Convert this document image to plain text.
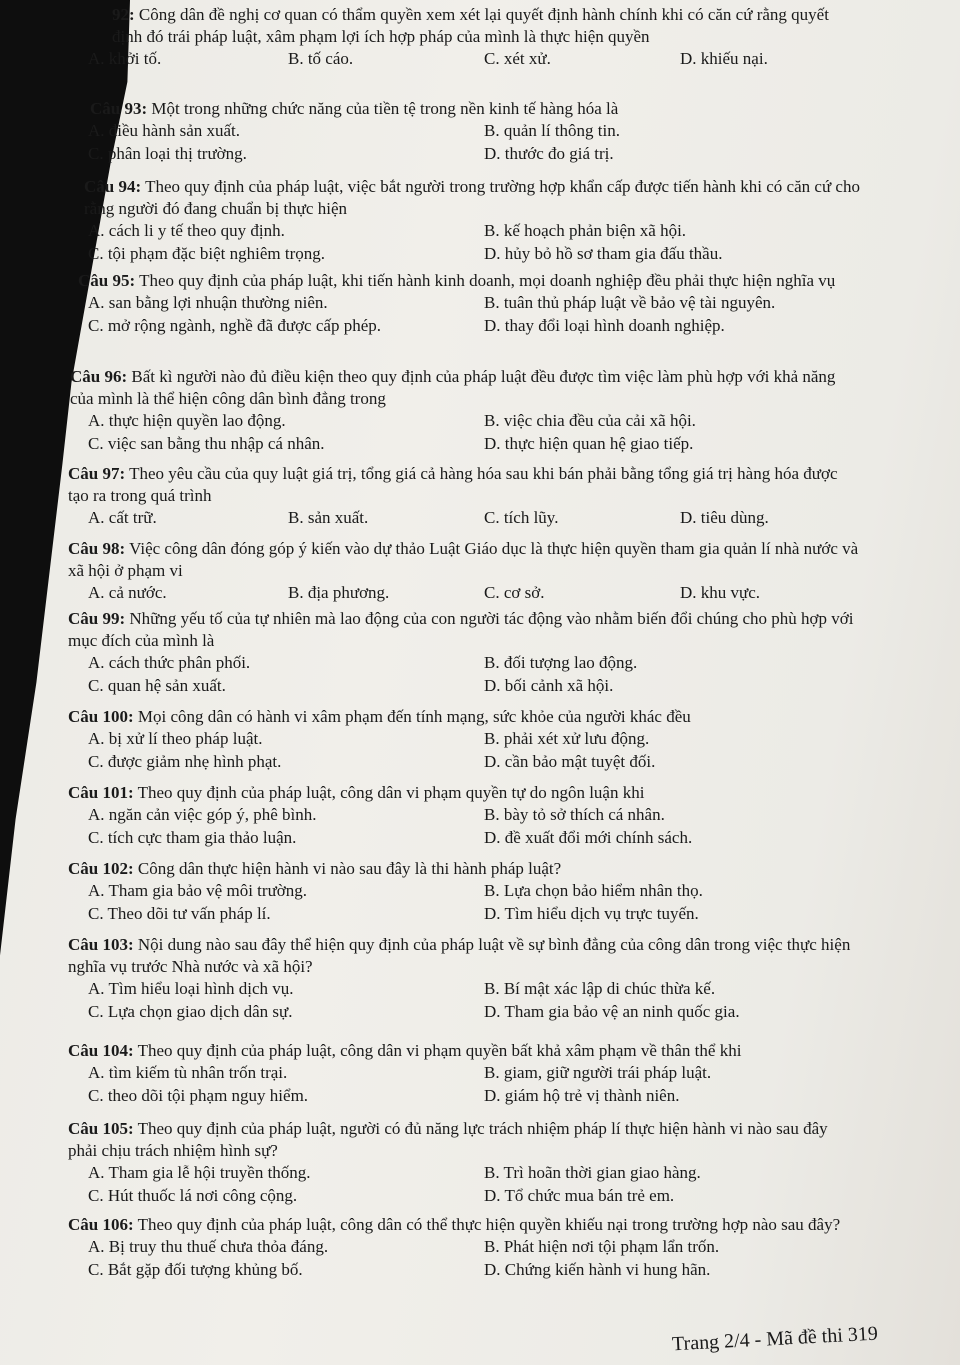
92: Công dân đề nghị cơ quan có thẩm quyền xem xét lại quyết định hành chính khi có căn cứ rằng quyết định đó trái pháp luật, xâm phạm lợi ích hợp pháp của mình là thực hiện quyền
A. khởi tố.	B. tố cáo.	C. xét xử.	D. khiếu nại.
Câu 93: Một trong những chức năng của tiền tệ trong nền kinh tế hàng hóa là
A. điều hành sản xuất.	B. quản lí thông tin.
C. phân loại thị trường.	D. thước đo giá trị.
Câu 94: Theo quy định của pháp luật, việc bắt người trong trường hợp khẩn cấp được tiến hành khi có căn cứ cho rằng người đó đang chuẩn bị thực hiện
A. cách li y tế theo quy định.	B. kế hoạch phản biện xã hội.
C. tội phạm đặc biệt nghiêm trọng.	D. hủy bỏ hồ sơ tham gia đấu thầu.
Câu 95: Theo quy định của pháp luật, khi tiến hành kinh doanh, mọi doanh nghiệp đều phải thực hiện nghĩa vụ
A. san bằng lợi nhuận thường niên.	B. tuân thủ pháp luật về bảo vệ tài nguyên.
C. mở rộng ngành, nghề đã được cấp phép.	D. thay đổi loại hình doanh nghiệp.
Câu 96: Bất kì người nào đủ điều kiện theo quy định của pháp luật đều được tìm việc làm phù hợp với khả năng của mình là thể hiện công dân bình đẳng trong
A. thực hiện quyền lao động.	B. việc chia đều của cải xã hội.
C. việc san bằng thu nhập cá nhân.	D. thực hiện quan hệ giao tiếp.
Câu 97: Theo yêu cầu của quy luật giá trị, tổng giá cả hàng hóa sau khi bán phải bằng tổng giá trị hàng hóa được tạo ra trong quá trình
A. cất trữ.	B. sản xuất.	C. tích lũy.	D. tiêu dùng.
Câu 98: Việc công dân đóng góp ý kiến vào dự thảo Luật Giáo dục là thực hiện quyền tham gia quản lí nhà nước và xã hội ở phạm vi
A. cả nước.	B. địa phương.	C. cơ sở.	D. khu vực.
Câu 99: Những yếu tố của tự nhiên mà lao động của con người tác động vào nhằm biến đổi chúng cho phù hợp với mục đích của mình là
A. cách thức phân phối.	B. đối tượng lao động.
C. quan hệ sản xuất.	D. bối cảnh xã hội.
Câu 100: Mọi công dân có hành vi xâm phạm đến tính mạng, sức khỏe của người khác đều
A. bị xử lí theo pháp luật.	B. phải xét xử lưu động.
C. được giảm nhẹ hình phạt.	D. cần bảo mật tuyệt đối.
Câu 101: Theo quy định của pháp luật, công dân vi phạm quyền tự do ngôn luận khi
A. ngăn cản việc góp ý, phê bình.	B. bày tỏ sở thích cá nhân.
C. tích cực tham gia thảo luận.	D. đề xuất đổi mới chính sách.
Câu 102: Công dân thực hiện hành vi nào sau đây là thi hành pháp luật?
A. Tham gia bảo vệ môi trường.	B. Lựa chọn bảo hiểm nhân thọ.
C. Theo dõi tư vấn pháp lí.	D. Tìm hiểu dịch vụ trực tuyến.
Câu 103: Nội dung nào sau đây thể hiện quy định của pháp luật về sự bình đẳng của công dân trong việc thực hiện nghĩa vụ trước Nhà nước và xã hội?
A. Tìm hiểu loại hình dịch vụ.	B. Bí mật xác lập di chúc thừa kế.
C. Lựa chọn giao dịch dân sự.	D. Tham gia bảo vệ an ninh quốc gia.
Câu 104: Theo quy định của pháp luật, công dân vi phạm quyền bất khả xâm phạm về thân thể khi
A. tìm kiếm tù nhân trốn trại.	B. giam, giữ người trái pháp luật.
C. theo dõi tội phạm nguy hiểm.	D. giám hộ trẻ vị thành niên.
Câu 105: Theo quy định của pháp luật, người có đủ năng lực trách nhiệm pháp lí thực hiện hành vi nào sau đây phải chịu trách nhiệm hình sự?
A. Tham gia lễ hội truyền thống.	B. Trì hoãn thời gian giao hàng.
C. Hút thuốc lá nơi công cộng.	D. Tổ chức mua bán trẻ em.
Câu 106: Theo quy định của pháp luật, công dân có thể thực hiện quyền khiếu nại trong trường hợp nào sau đây?
A. Bị truy thu thuế chưa thỏa đáng.	B. Phát hiện nơi tội phạm lẩn trốn.
C. Bắt gặp đối tượng khủng bố.	D. Chứng kiến hành vi hung hãn.
Trang 2/4 - Mã đề thi 319
